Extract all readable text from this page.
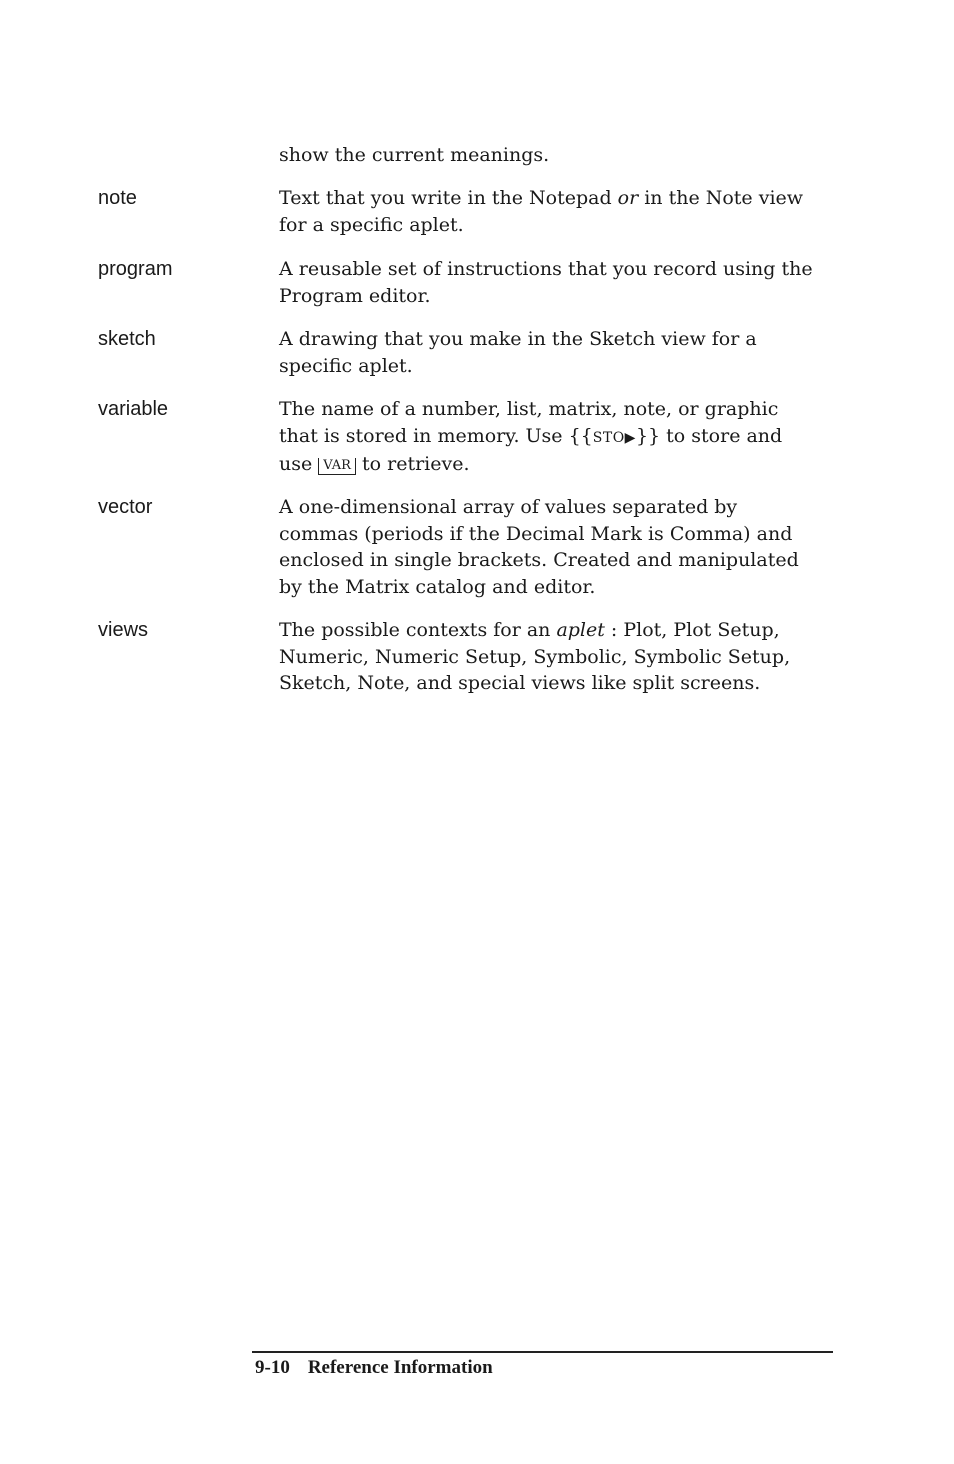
show the current meanings.
note	Text that you write in the Notepad or in the Note view for a specific aplet.
program	A reusable set of instructions that you record using the Program editor.
sketch	A drawing that you make in the Sketch view for a specific aplet.
variable	The name of a number, list, matrix, note, or graphic that is stored in memory. Use {{STO▶}} to store and use VAR to retrieve.
vector	A one-dimensional array of values separated by commas (periods if the Decimal Mark is Comma) and enclosed in single brackets. Created and manipulated by the Matrix catalog and editor.
views	The possible contexts for an aplet : Plot, Plot Setup, Numeric, Numeric Setup, Symbolic, Symbolic Setup, Sketch, Note, and special views like split screens.
9-10 Reference Information
